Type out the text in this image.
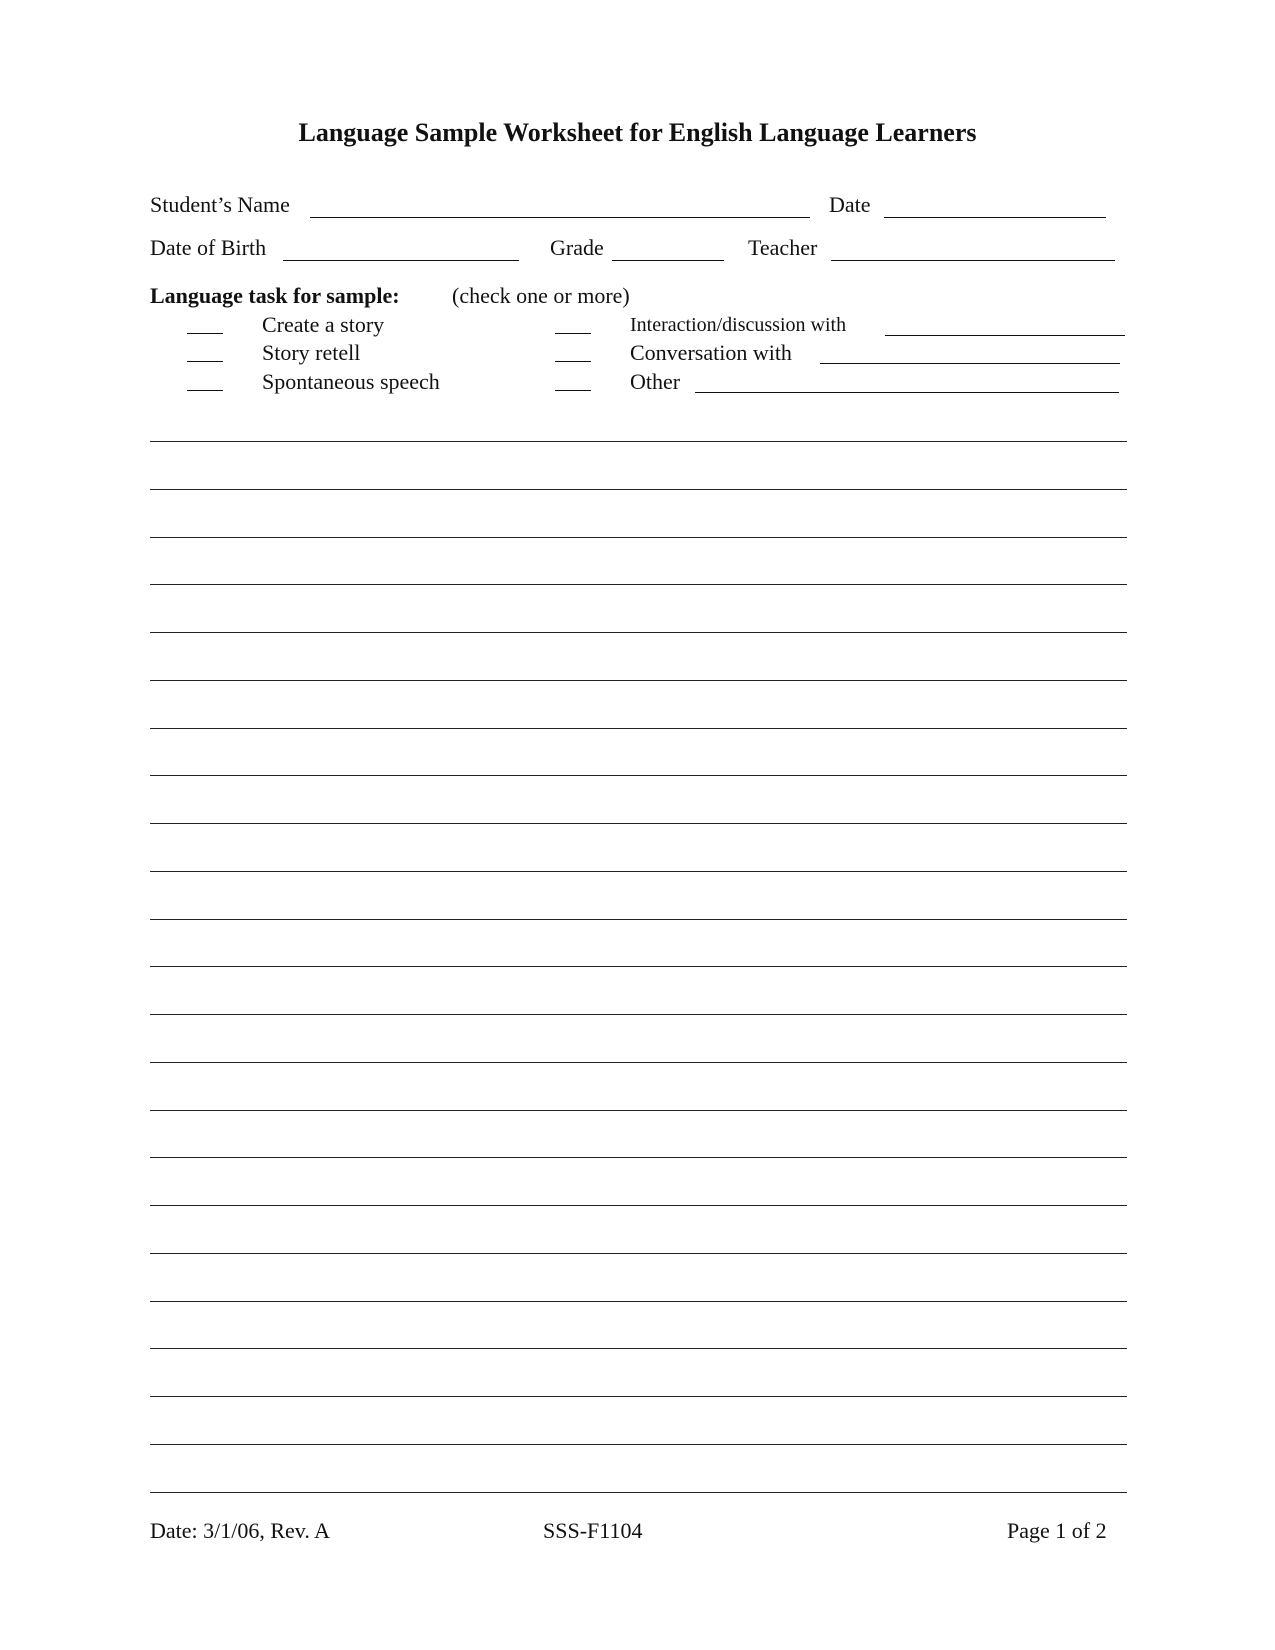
Language Sample Worksheet for English Language Learners
Student’s Name	Date
Date of Birth	Grade	Teacher
Language task for sample: (check one or more)
Create a story
Story retell
Spontaneous speech
Interaction/discussion with
Conversation with
Other
Date: 3/1/06, Rev. A	SSS-F1104	Page 1 of 2
